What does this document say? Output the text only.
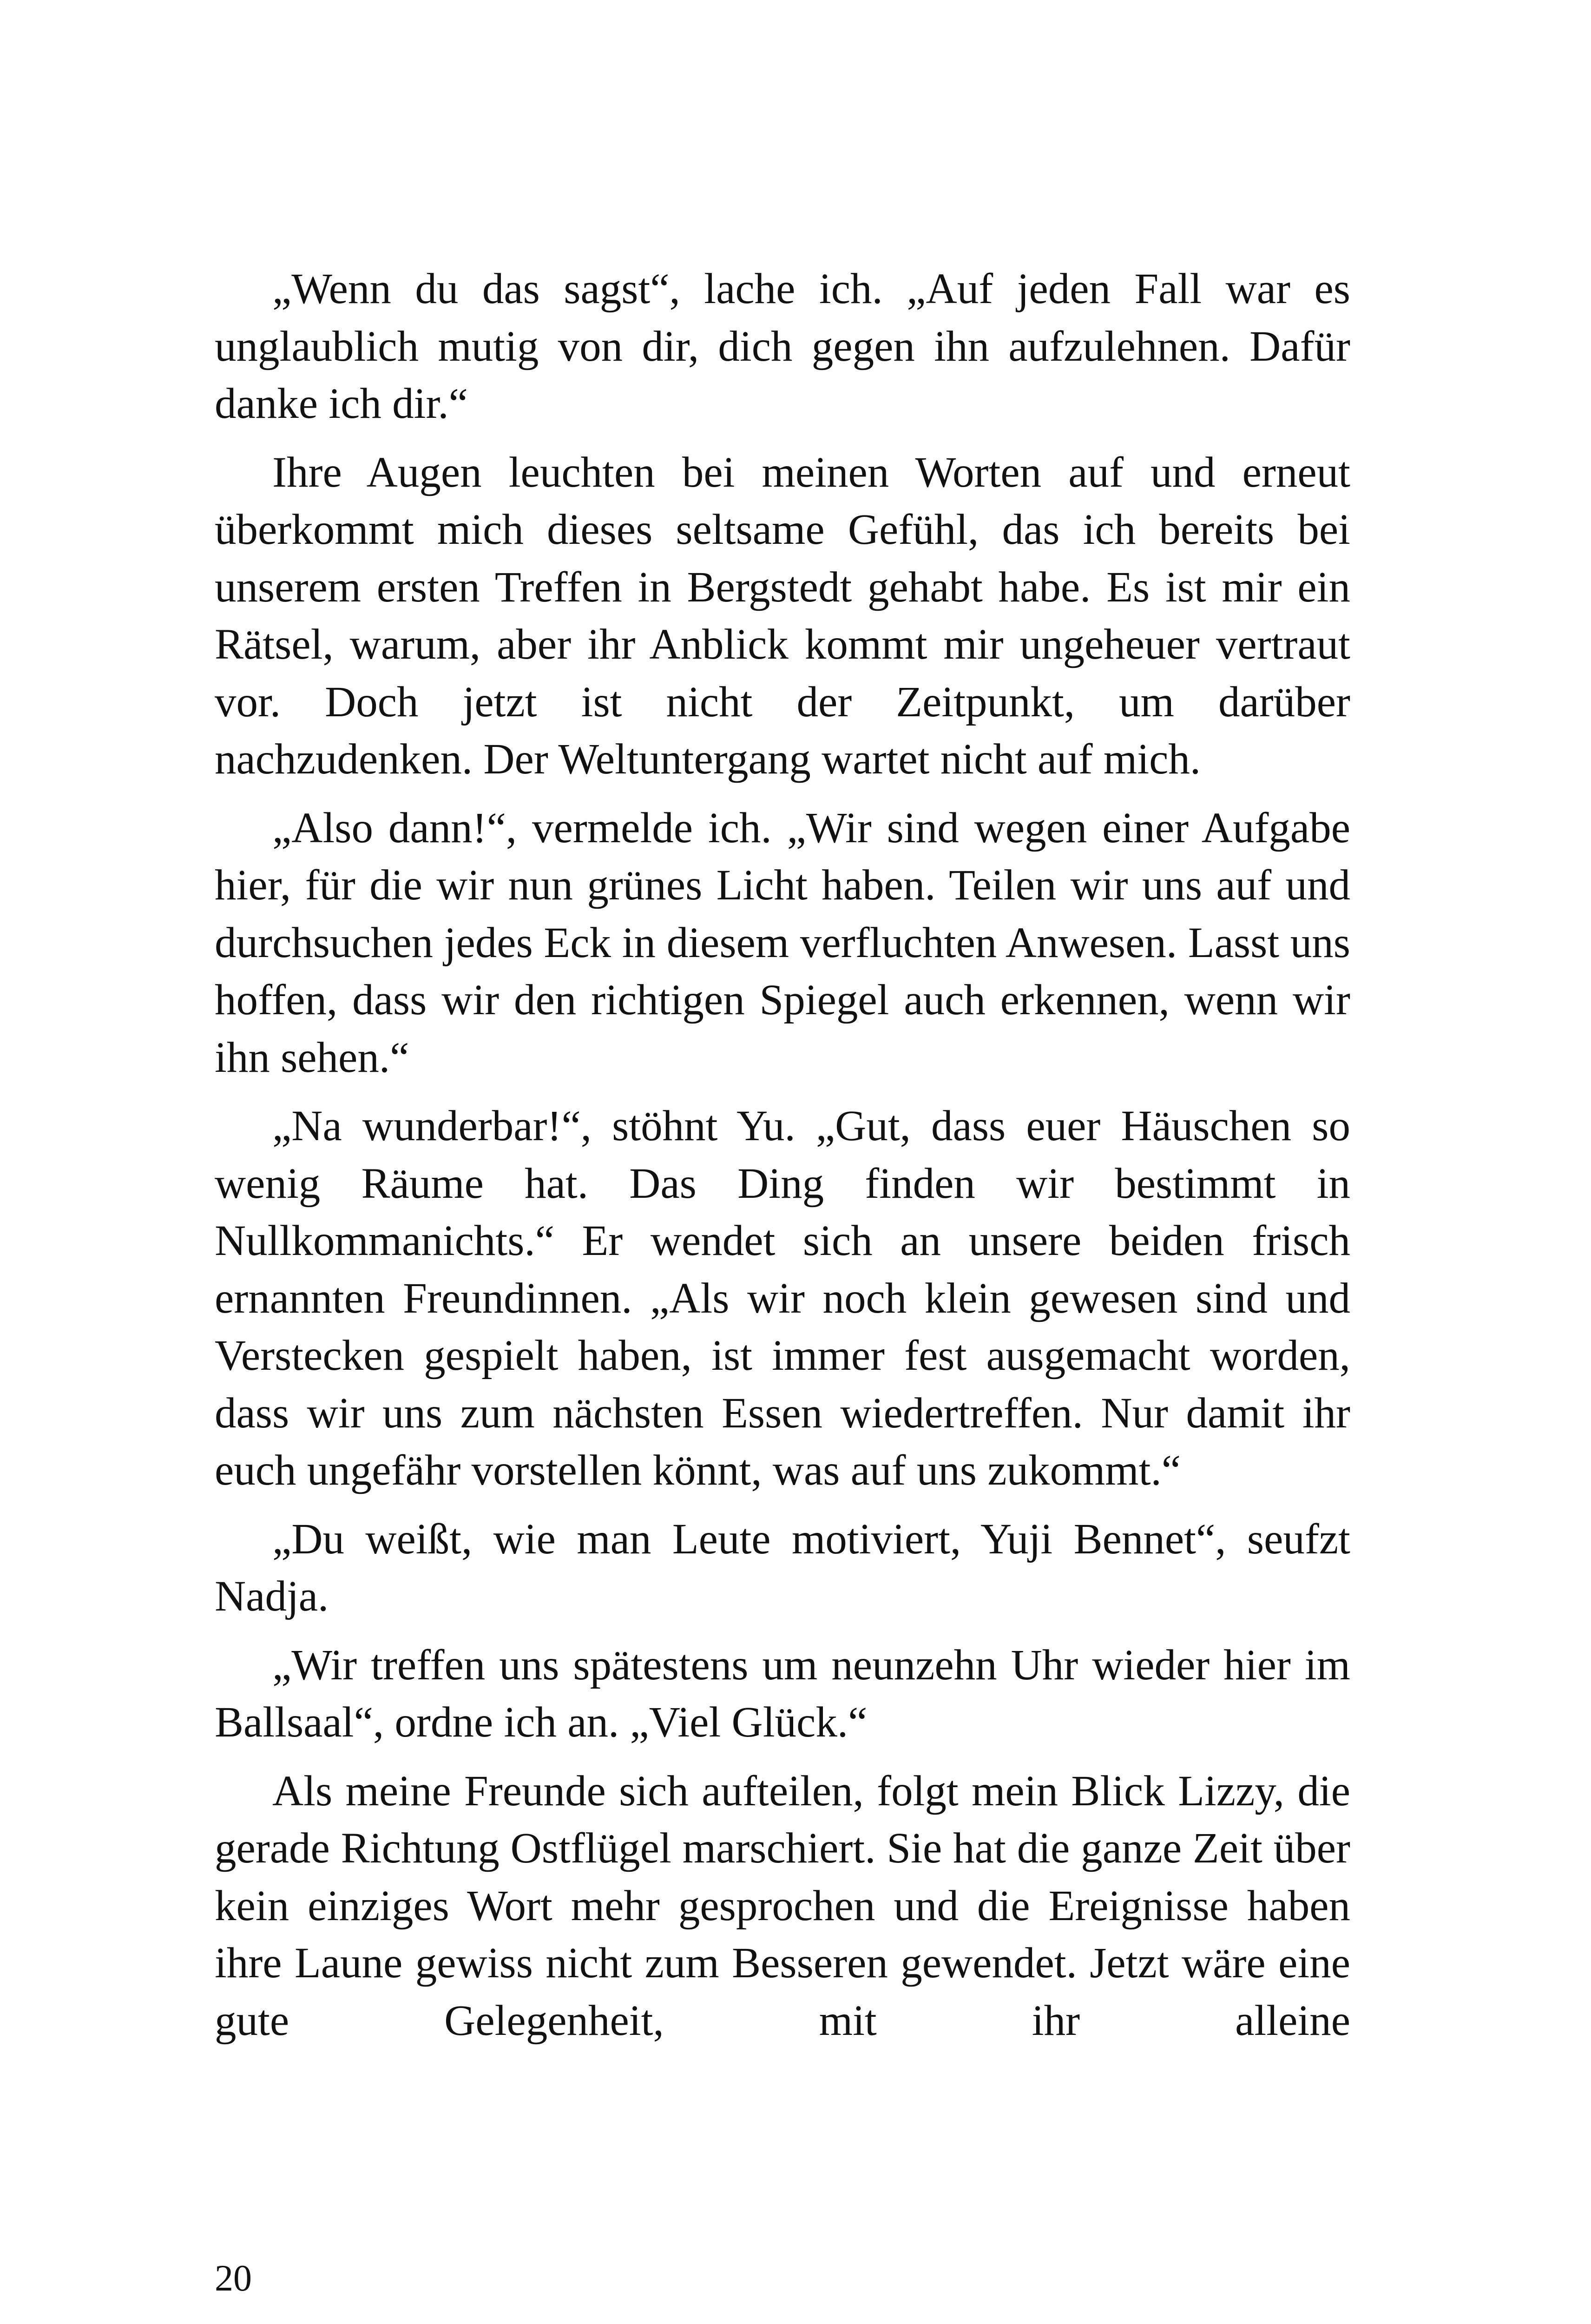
„Wenn du das sagst“, lache ich. „Auf jeden Fall war es unglaublich mutig von dir, dich gegen ihn aufzulehnen. Dafür danke ich dir.“

Ihre Augen leuchten bei meinen Worten auf und erneut überkommt mich dieses seltsame Gefühl, das ich bereits bei unserem ersten Treffen in Bergstedt gehabt habe. Es ist mir ein Rätsel, warum, aber ihr Anblick kommt mir ungeheuer vertraut vor. Doch jetzt ist nicht der Zeitpunkt, um darüber nachzudenken. Der Weltuntergang wartet nicht auf mich.

„Also dann!“, vermelde ich. „Wir sind wegen einer Aufgabe hier, für die wir nun grünes Licht haben. Teilen wir uns auf und durchsuchen jedes Eck in diesem verfluchten Anwesen. Lasst uns hoffen, dass wir den richtigen Spiegel auch erkennen, wenn wir ihn sehen.“

„Na wunderbar!“, stöhnt Yu. „Gut, dass euer Häuschen so wenig Räume hat. Das Ding finden wir bestimmt in Nullkommanichts.“ Er wendet sich an unsere beiden frisch ernannten Freundinnen. „Als wir noch klein gewesen sind und Verstecken gespielt haben, ist immer fest ausgemacht worden, dass wir uns zum nächsten Essen wiedertreffen. Nur damit ihr euch ungefähr vorstellen könnt, was auf uns zukommt.“

„Du weißt, wie man Leute motiviert, Yuji Bennet“, seufzt Nadja.

„Wir treffen uns spätestens um neunzehn Uhr wieder hier im Ballsaal“, ordne ich an. „Viel Glück.“

Als meine Freunde sich aufteilen, folgt mein Blick Lizzy, die gerade Richtung Ostflügel marschiert. Sie hat die ganze Zeit über kein einziges Wort mehr gesprochen und die Ereignisse haben ihre Laune gewiss nicht zum Besseren gewendet. Jetzt wäre eine gute Gelegenheit, mit ihr alleine

20
